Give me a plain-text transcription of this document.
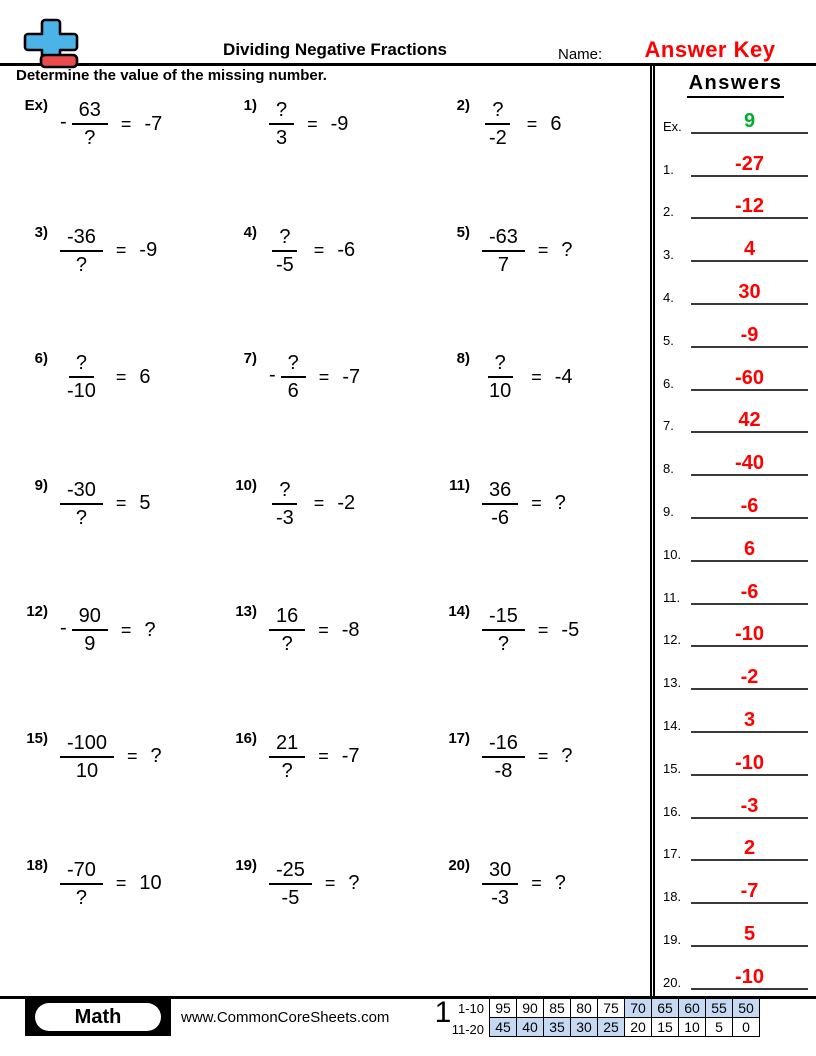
Dividing Negative Fractions	Name:	Answer Key
Determine the value of the missing number.
Ex)
- $\frac{63}{?} = -7$
$1) \frac{?}{3} = -9$
$2) \frac{?}{-2} = 6$
$3) \frac{-36}{?} = -9$
$4) \frac{?}{-5} = -6$
$5) \frac{-63}{7}$ = ?
$6) \frac{?}{-10} = 6$
7)
- $\frac{?}{6} = -7$
$8) \frac{?}{10} = -4$
$9) \frac{-30}{?} = 5$
$10) \frac{?}{-3} = -2$
$11) \frac{36}{-6}$ = ?
12)
- $\frac{90}{9}$ = ?
$13) \frac{16}{?} = -8$
$14) \frac{-15}{?} = -5$
$15) \frac{-100}{10}$ = ?
$16) \frac{21}{?} = -7$
$17) \frac{-16}{-8}$ = ?
$18) \frac{-70}{?} = 10$
$19) \frac{-25}{-5}$ = ?
$20) \frac{30}{-3}$ = ?
Answers
Ex.	9
1.	-27
2.	-12
3.	4
4.	30
5.	-9
6.	-60
7.	42
8.	-40
9.	-6
10.	6
11.	-6
12.	-10
13.	-2
14.	3
15.	-10
16.	-3
17.	2
18.	-7
19.	5
20.	-10
Math	www.CommonCoreSheets.com	1 1-10
11-20
95	90	85	80	75	70	65	60	55	50
45	40	35	30	25	20	15	10	5	0
